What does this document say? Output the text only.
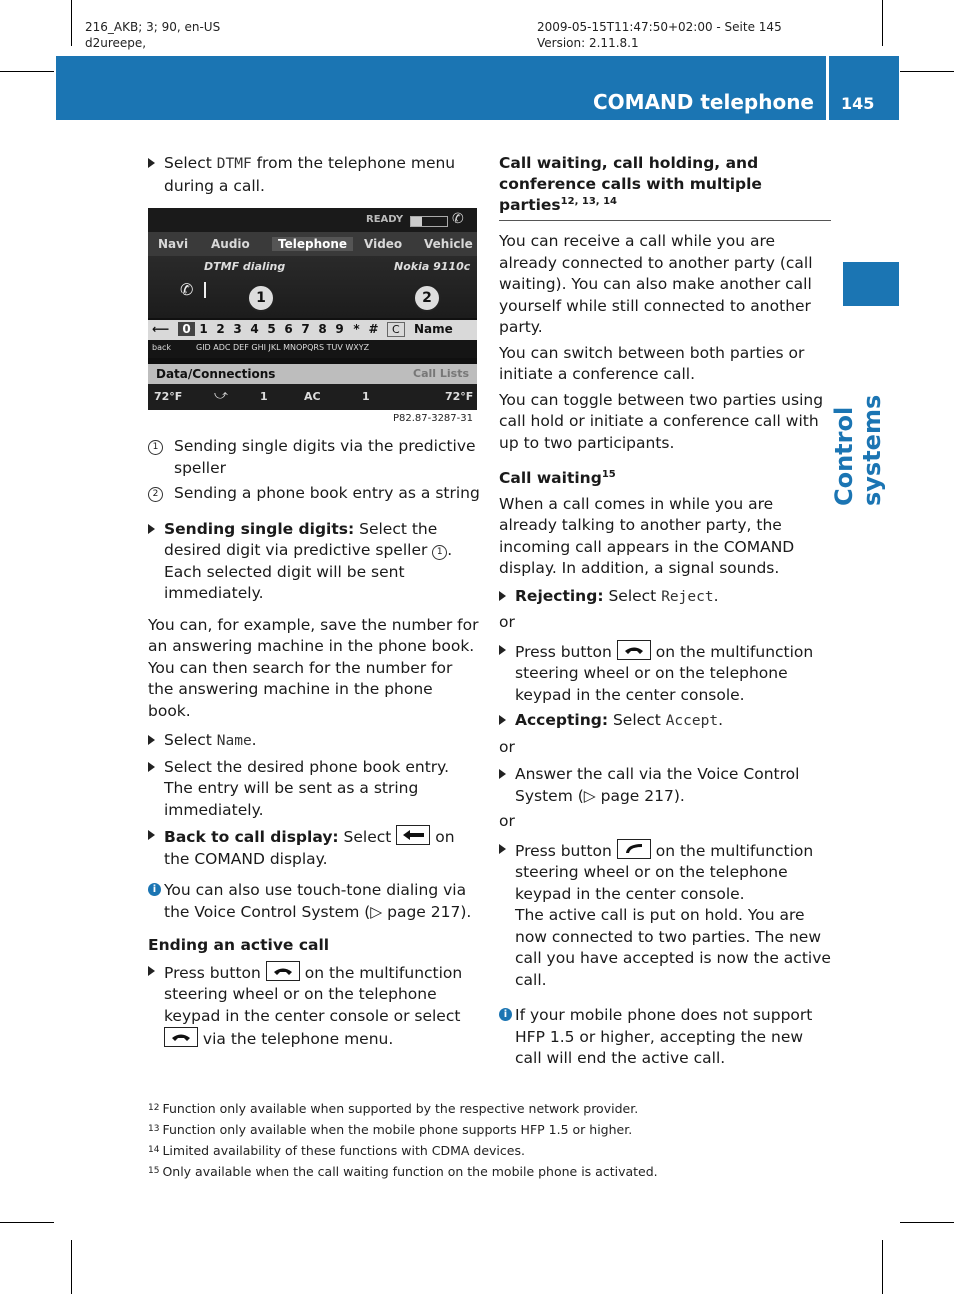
216_AKB; 3; 90, en-US
d2ureepe,
2009-05-15T11:47:50+02:00 - Seite 145
Version: 2.11.8.1
COMAND telephone 145
Control systems
Select DTMF from the telephone menu during a call.
READY	✆
Navi Audio	Telephone	Video Vehicle
DTMF dialing	Nokia 9110c
✆	1	2
⟵	0 1 2 3 4 5 6 7 8 9 * #	C	Name
back	GID ADC DEF GHI JKL MNOPQRS TUV WXYZ
Data/Connections	Call Lists
72°F ⤻	1	AC	1	72°F
P82.87-3287-31
1 Sending single digits via the predictive speller
2 Sending a phone book entry as a string
Sending single digits: Select the desired digit via predictive speller 1 .
Each selected digit will be sent immediately.

You can, for example, save the number for an answering machine in the phone book. You can then search for the number for the answering machine in the phone book.

Select Name.
Select the desired phone book entry.
The entry will be sent as a string immediately.
Back to call display: Select
on the COMAND display.
i You can also use touch-tone dialing via the Voice Control System (▷ page 217).
Ending an active call
Press button
on the multifunction steering wheel or on the telephone keypad in the center console or select
via the telephone menu.
Call waiting, call holding, and conference calls with multiple parties$^{12, 13, 14}$

You can receive a call while you are already connected to another party (call waiting). You can also make another call yourself while still connected to another party.

You can switch between both parties or initiate a conference call.

You can toggle between two parties using call hold or initiate a conference call with up to two participants.

Call waiting$^{15}$

When a call comes in while you are already talking to another party, the incoming call appears in the COMAND display. In addition, a signal sounds.

Rejecting: Select Reject.
or
Press button
on the multifunction steering wheel or on the telephone keypad in the center console.
Accepting: Select Accept.
or
Answer the call via the Voice Control System (▷ page 217).
or
Press button
on the multifunction steering wheel or on the telephone keypad in the center console.
The active call is put on hold. You are now connected to two parties. The new call you have accepted is now the active call.
i If your mobile phone does not support HFP 1.5 or higher, accepting the new call will end the active call.
$^{12}$ Function only available when supported by the respective network provider.
$^{13}$ Function only available when the mobile phone supports HFP 1.5 or higher.
$^{14}$ Limited availability of these functions with CDMA devices.
$^{15}$ Only available when the call waiting function on the mobile phone is activated.
